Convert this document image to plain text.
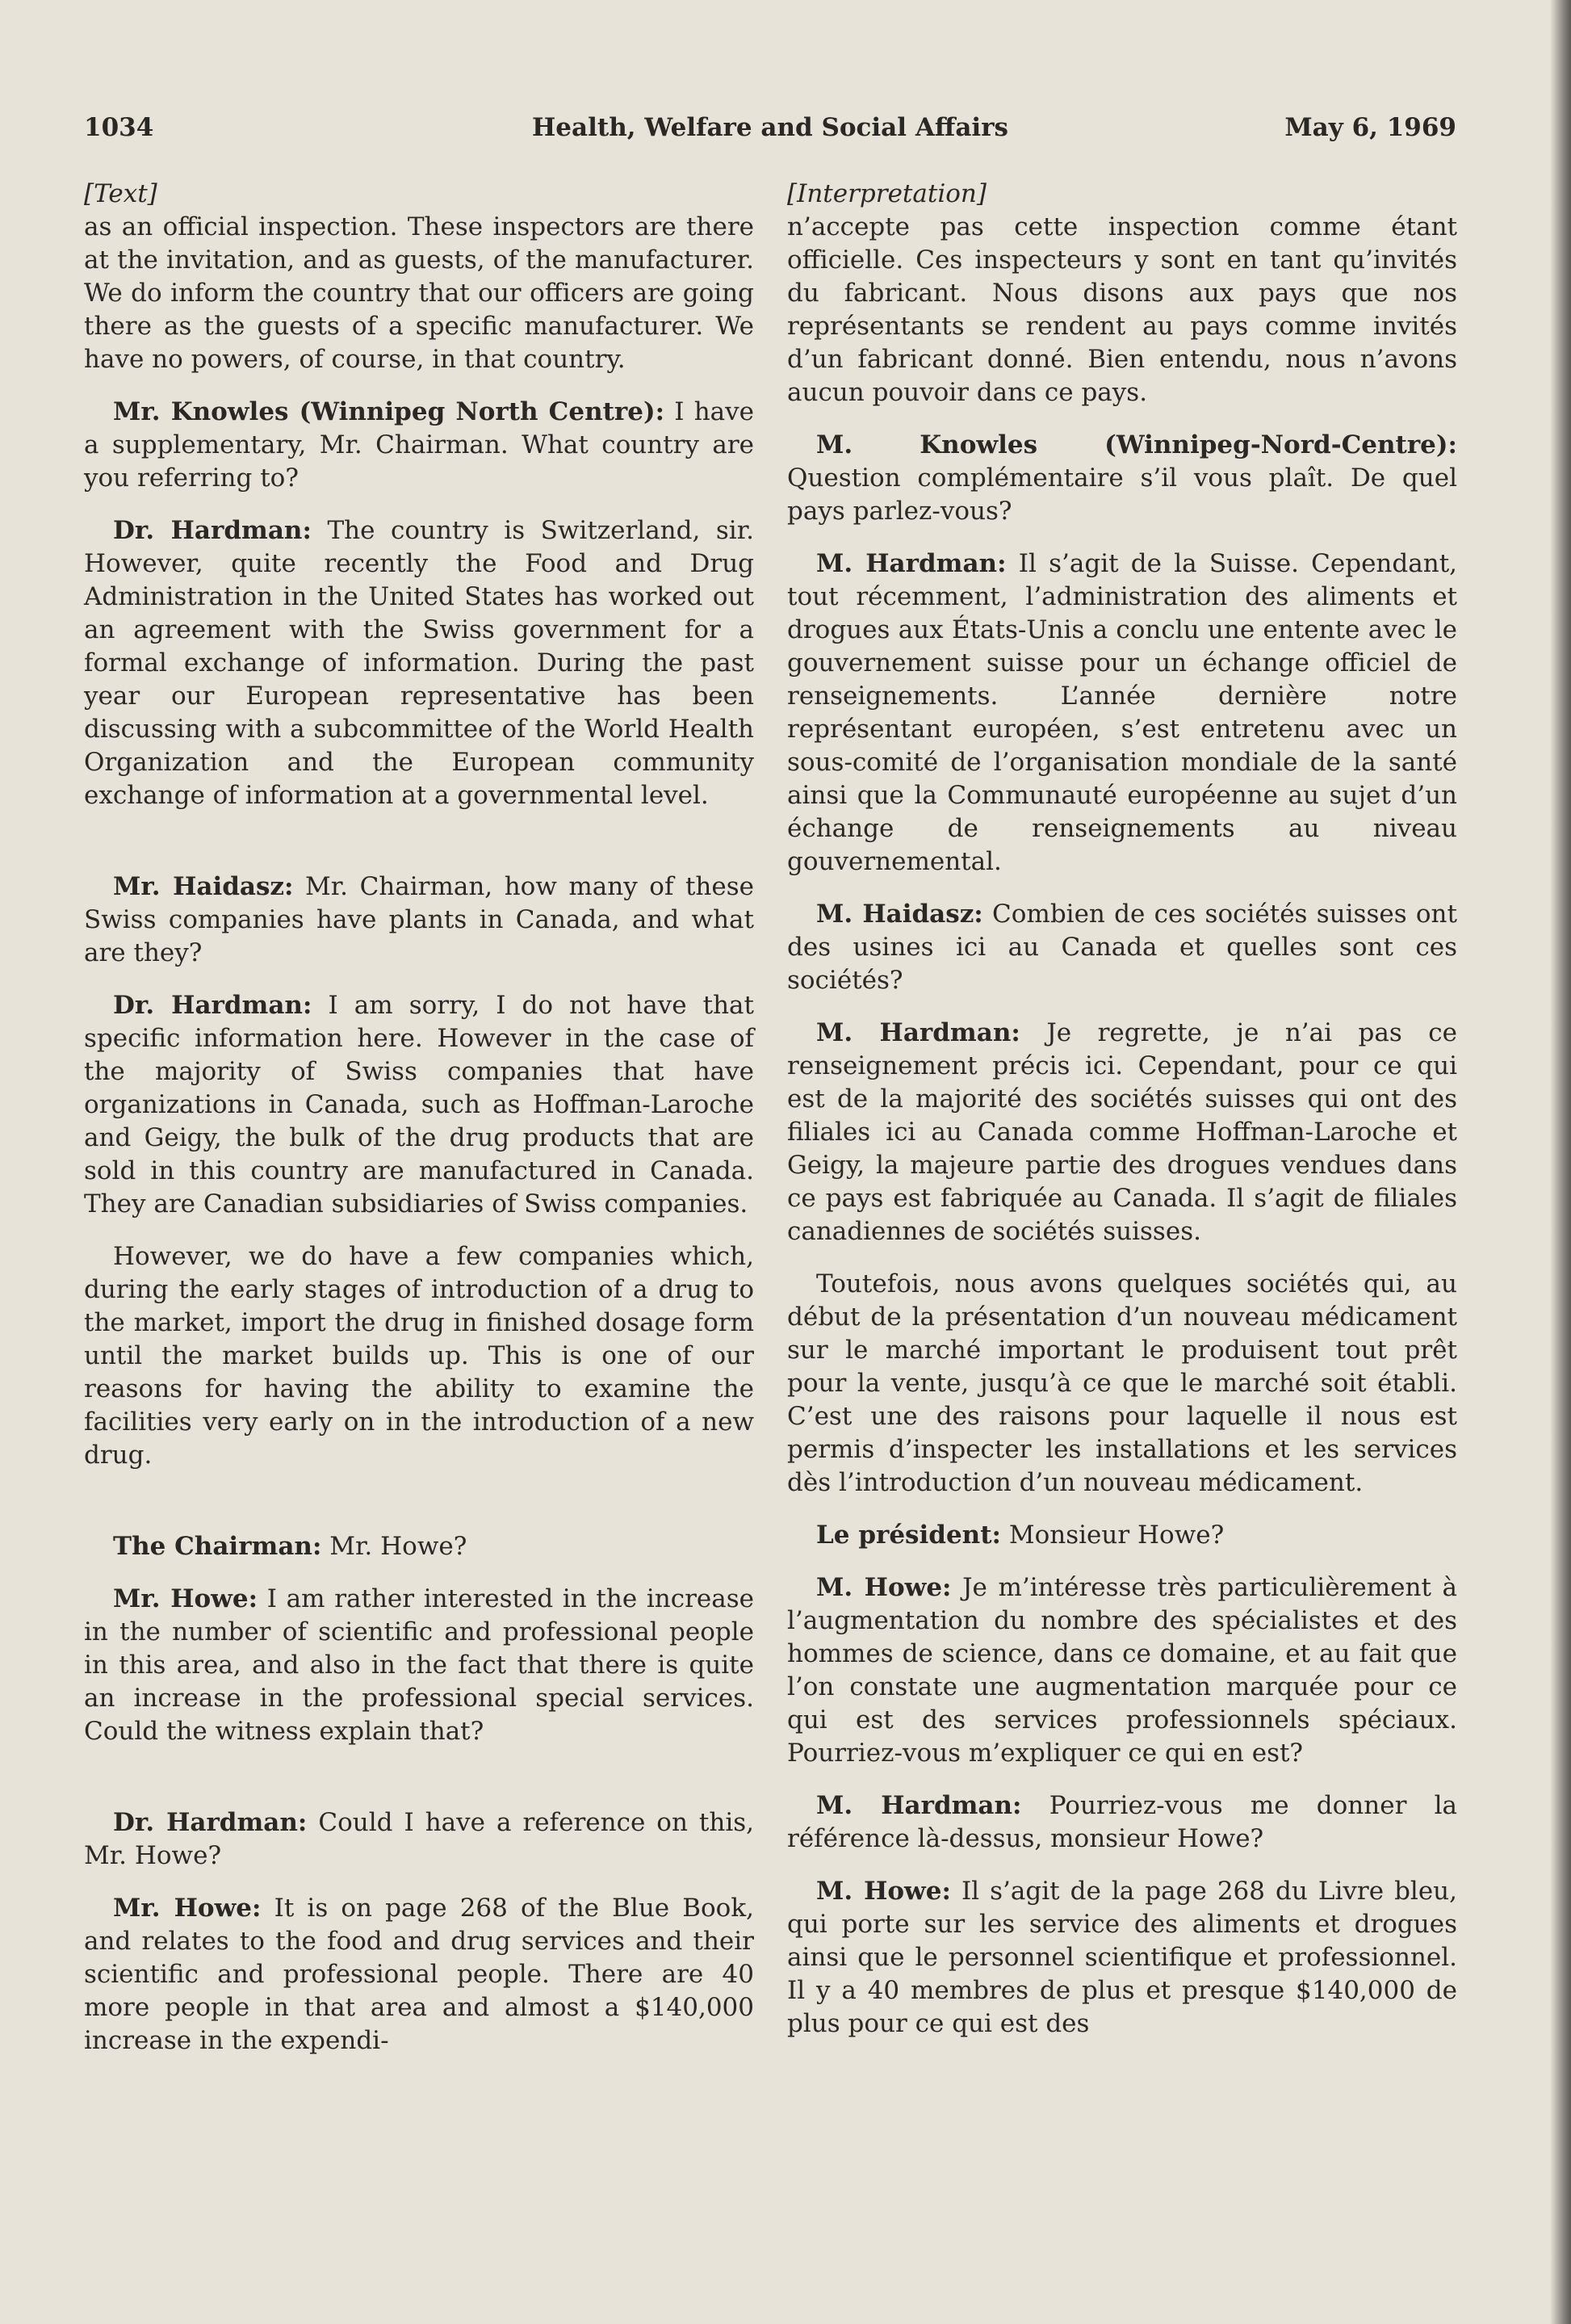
1034	Health, Welfare and Social Affairs	May 6, 1969
[Text]

as an official inspection. These inspectors are there at the invitation, and as guests, of the manufacturer. We do inform the country that our officers are going there as the guests of a specific manufacturer. We have no powers, of course, in that country.

Mr. Knowles (Winnipeg North Centre): I have a supplementary, Mr. Chairman. What country are you referring to?

Dr. Hardman: The country is Switzerland, sir. However, quite recently the Food and Drug Administration in the United States has worked out an agreement with the Swiss government for a formal exchange of information. During the past year our European representative has been discussing with a subcommittee of the World Health Organization and the European community exchange of information at a governmental level.

Mr. Haidasz: Mr. Chairman, how many of these Swiss companies have plants in Canada, and what are they?

Dr. Hardman: I am sorry, I do not have that specific information here. However in the case of the majority of Swiss companies that have organizations in Canada, such as Hoffman-Laroche and Geigy, the bulk of the drug products that are sold in this country are manufactured in Canada. They are Canadian subsidiaries of Swiss companies.

However, we do have a few companies which, during the early stages of introduction of a drug to the market, import the drug in finished dosage form until the market builds up. This is one of our reasons for having the ability to examine the facilities very early on in the introduction of a new drug.

The Chairman: Mr. Howe?

Mr. Howe: I am rather interested in the increase in the number of scientific and professional people in this area, and also in the fact that there is quite an increase in the professional special services. Could the witness explain that?

Dr. Hardman: Could I have a reference on this, Mr. Howe?

Mr. Howe: It is on page 268 of the Blue Book, and relates to the food and drug services and their scientific and professional people. There are 40 more people in that area and almost a $140,000 increase in the expendi-

[Interpretation]

n’accepte pas cette inspection comme étant officielle. Ces inspecteurs y sont en tant qu’invités du fabricant. Nous disons aux pays que nos représentants se rendent au pays comme invités d’un fabricant donné. Bien entendu, nous n’avons aucun pouvoir dans ce pays.

M. Knowles (Winnipeg-Nord-Centre): Question complémentaire s’il vous plaît. De quel pays parlez-vous?

M. Hardman: Il s’agit de la Suisse. Cependant, tout récemment, l’administration des aliments et drogues aux États-Unis a conclu une entente avec le gouvernement suisse pour un échange officiel de renseignements. L’année dernière notre représentant européen, s’est entretenu avec un sous-comité de l’organisation mondiale de la santé ainsi que la Communauté européenne au sujet d’un échange de renseignements au niveau gouvernemental.

M. Haidasz: Combien de ces sociétés suisses ont des usines ici au Canada et quelles sont ces sociétés?

M. Hardman: Je regrette, je n’ai pas ce renseignement précis ici. Cependant, pour ce qui est de la majorité des sociétés suisses qui ont des filiales ici au Canada comme Hoffman-Laroche et Geigy, la majeure partie des drogues vendues dans ce pays est fabriquée au Canada. Il s’agit de filiales canadiennes de sociétés suisses.

Toutefois, nous avons quelques sociétés qui, au début de la présentation d’un nouveau médicament sur le marché important le produisent tout prêt pour la vente, jusqu’à ce que le marché soit établi. C’est une des raisons pour laquelle il nous est permis d’inspecter les installations et les services dès l’introduction d’un nouveau médicament.

Le président: Monsieur Howe?

M. Howe: Je m’intéresse très particulièrement à l’augmentation du nombre des spécialistes et des hommes de science, dans ce domaine, et au fait que l’on constate une augmentation marquée pour ce qui est des services professionnels spéciaux. Pourriez-vous m’expliquer ce qui en est?

M. Hardman: Pourriez-vous me donner la référence là-dessus, monsieur Howe?

M. Howe: Il s’agit de la page 268 du Livre bleu, qui porte sur les service des aliments et drogues ainsi que le personnel scientifique et professionnel. Il y a 40 membres de plus et presque $140,000 de plus pour ce qui est des
